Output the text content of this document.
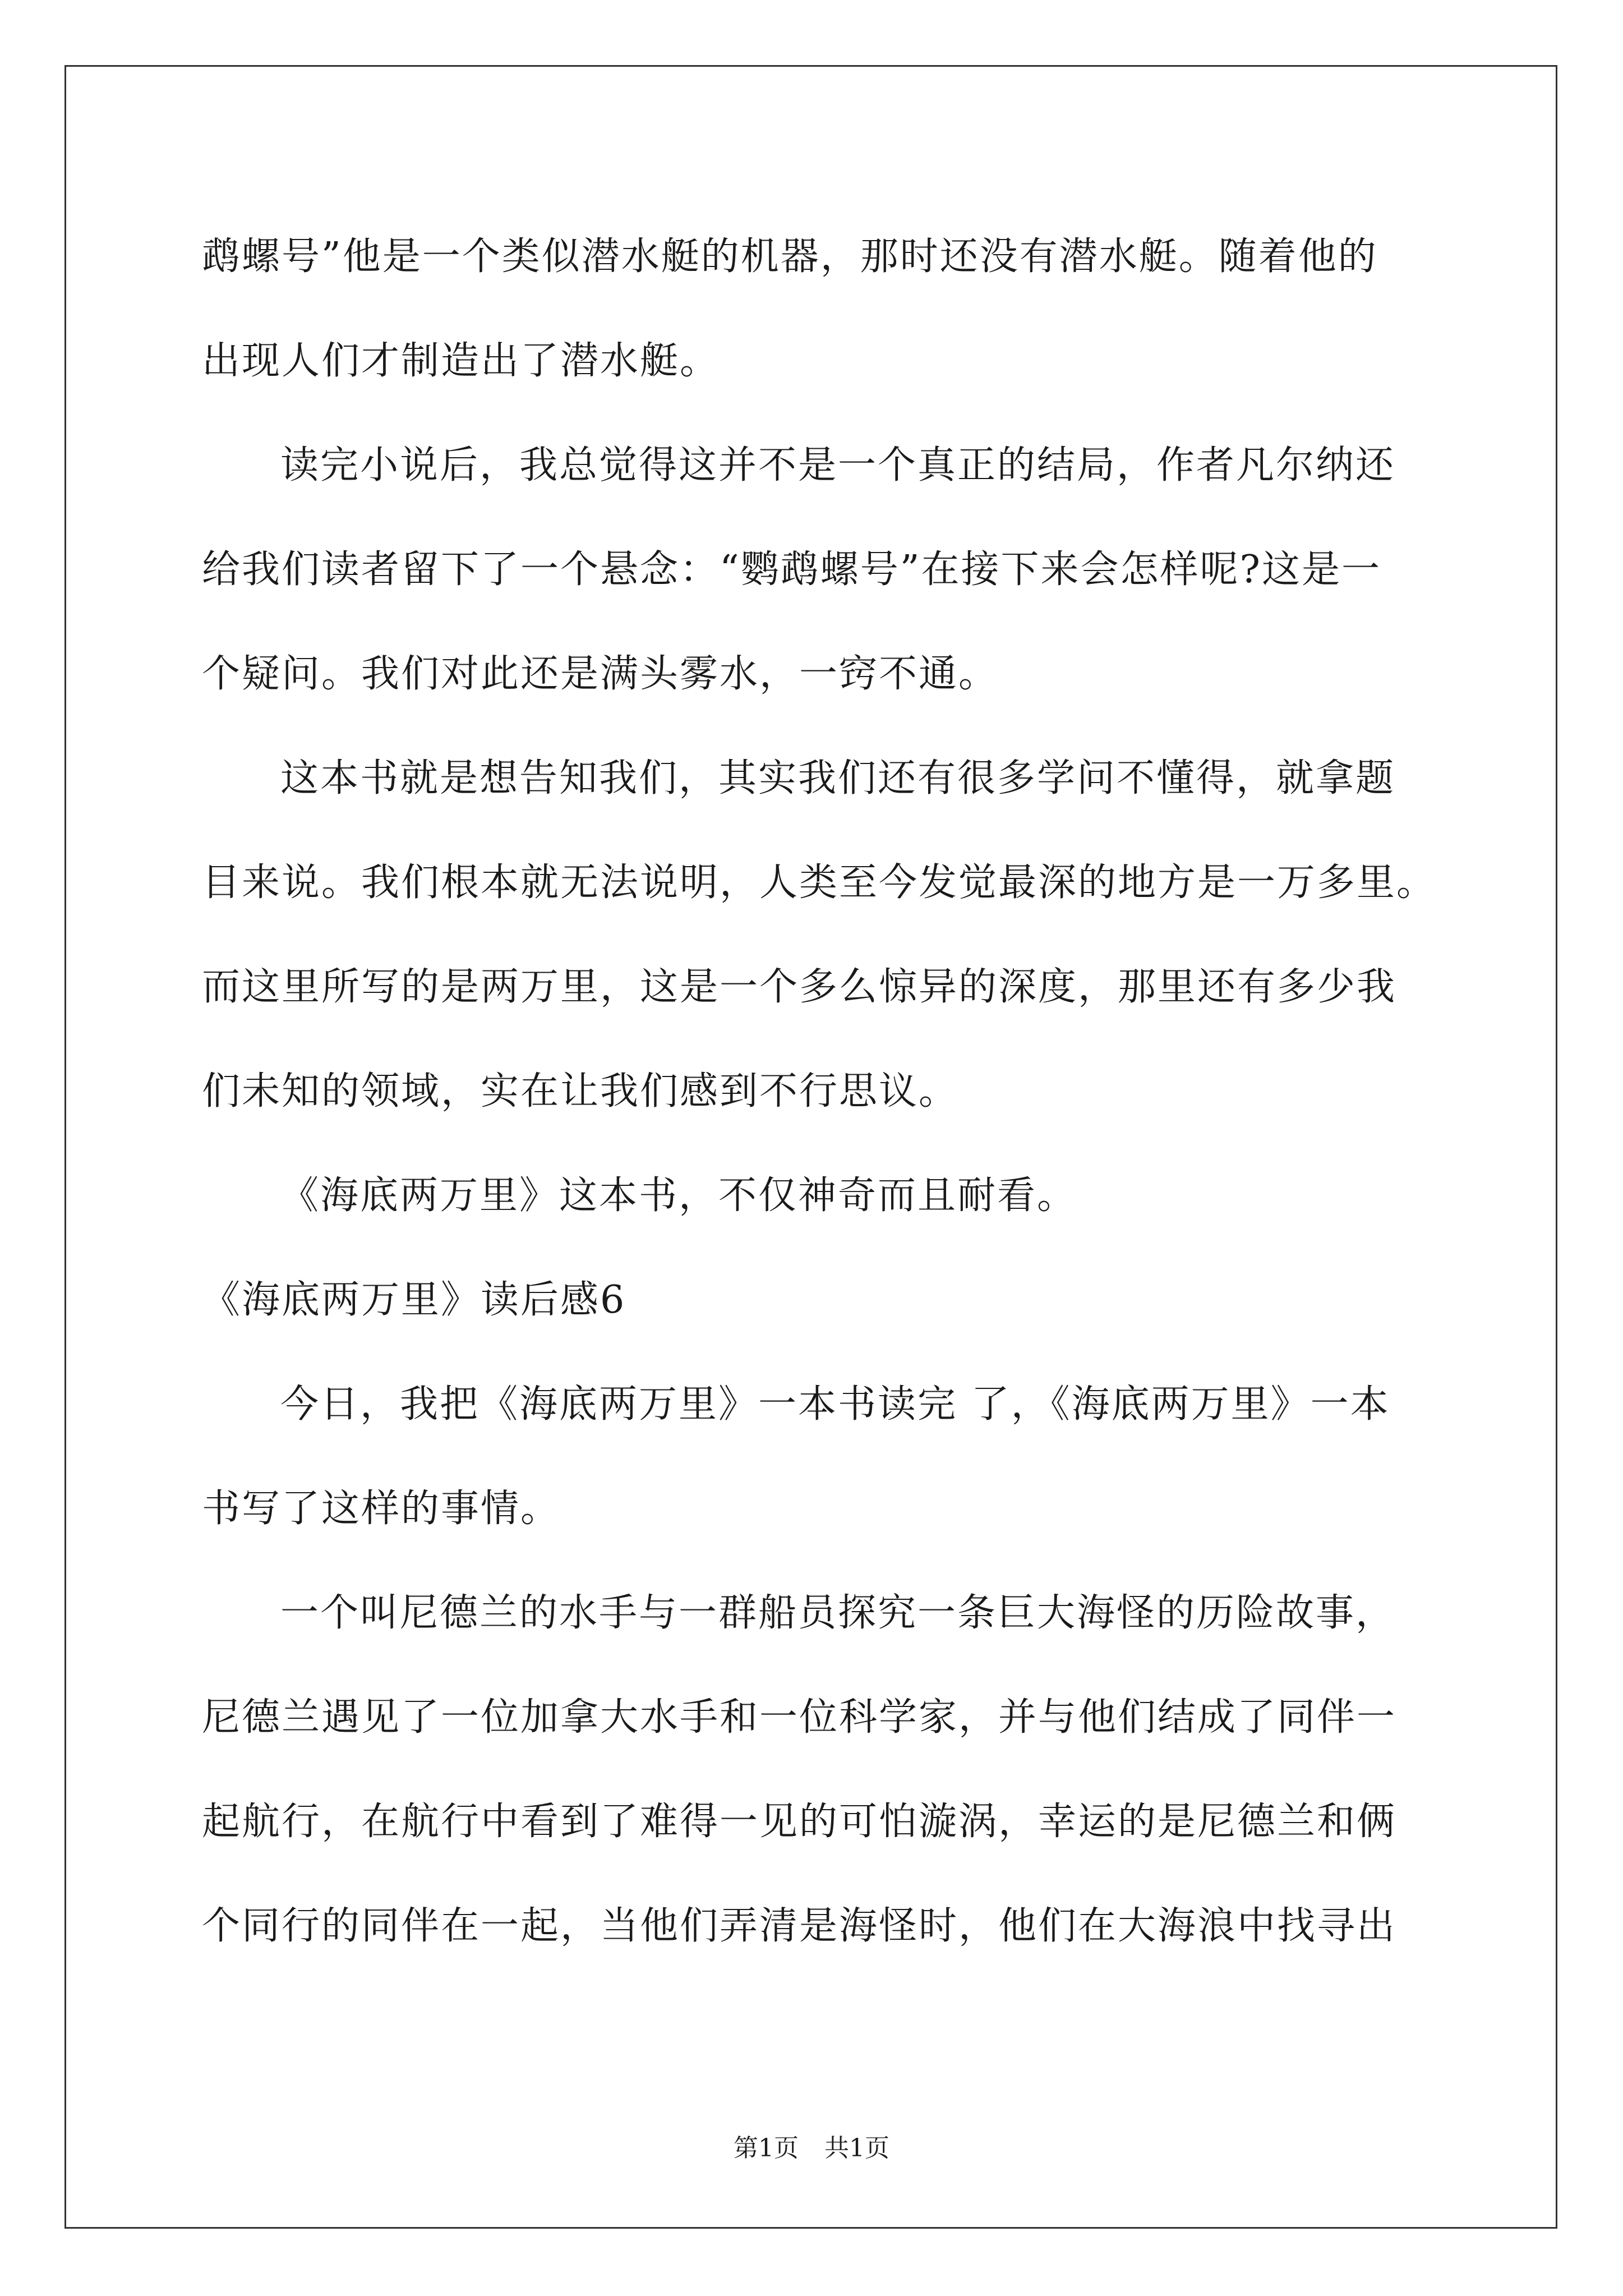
鹉螺号”他是一个类似潜水艇的机器，那时还没有潜水艇。随着他的

出现人们才制造出了潜水艇。

读完小说后，我总觉得这并不是一个真正的结局，作者凡尔纳还

给我们读者留下了一个悬念：“鹦鹉螺号”在接下来会怎样呢?这是一

个疑问。我们对此还是满头雾水，一窍不通。

这本书就是想告知我们，其实我们还有很多学问不懂得，就拿题

目来说。我们根本就无法说明，人类至今发觉最深的地方是一万多里。

而这里所写的是两万里，这是一个多么惊异的深度，那里还有多少我

们未知的领域，实在让我们感到不行思议。

《海底两万里》这本书，不仅神奇而且耐看。

《海底两万里》读后感6

今日，我把《海底两万里》一本书读完 了，《海底两万里》一本

书写了这样的事情。

一个叫尼德兰的水手与一群船员探究一条巨大海怪的历险故事，

尼德兰遇见了一位加拿大水手和一位科学家，并与他们结成了同伴一

起航行，在航行中看到了难得一见的可怕漩涡，幸运的是尼德兰和俩

个同行的同伴在一起，当他们弄清是海怪时，他们在大海浪中找寻出

第1页 共1页
